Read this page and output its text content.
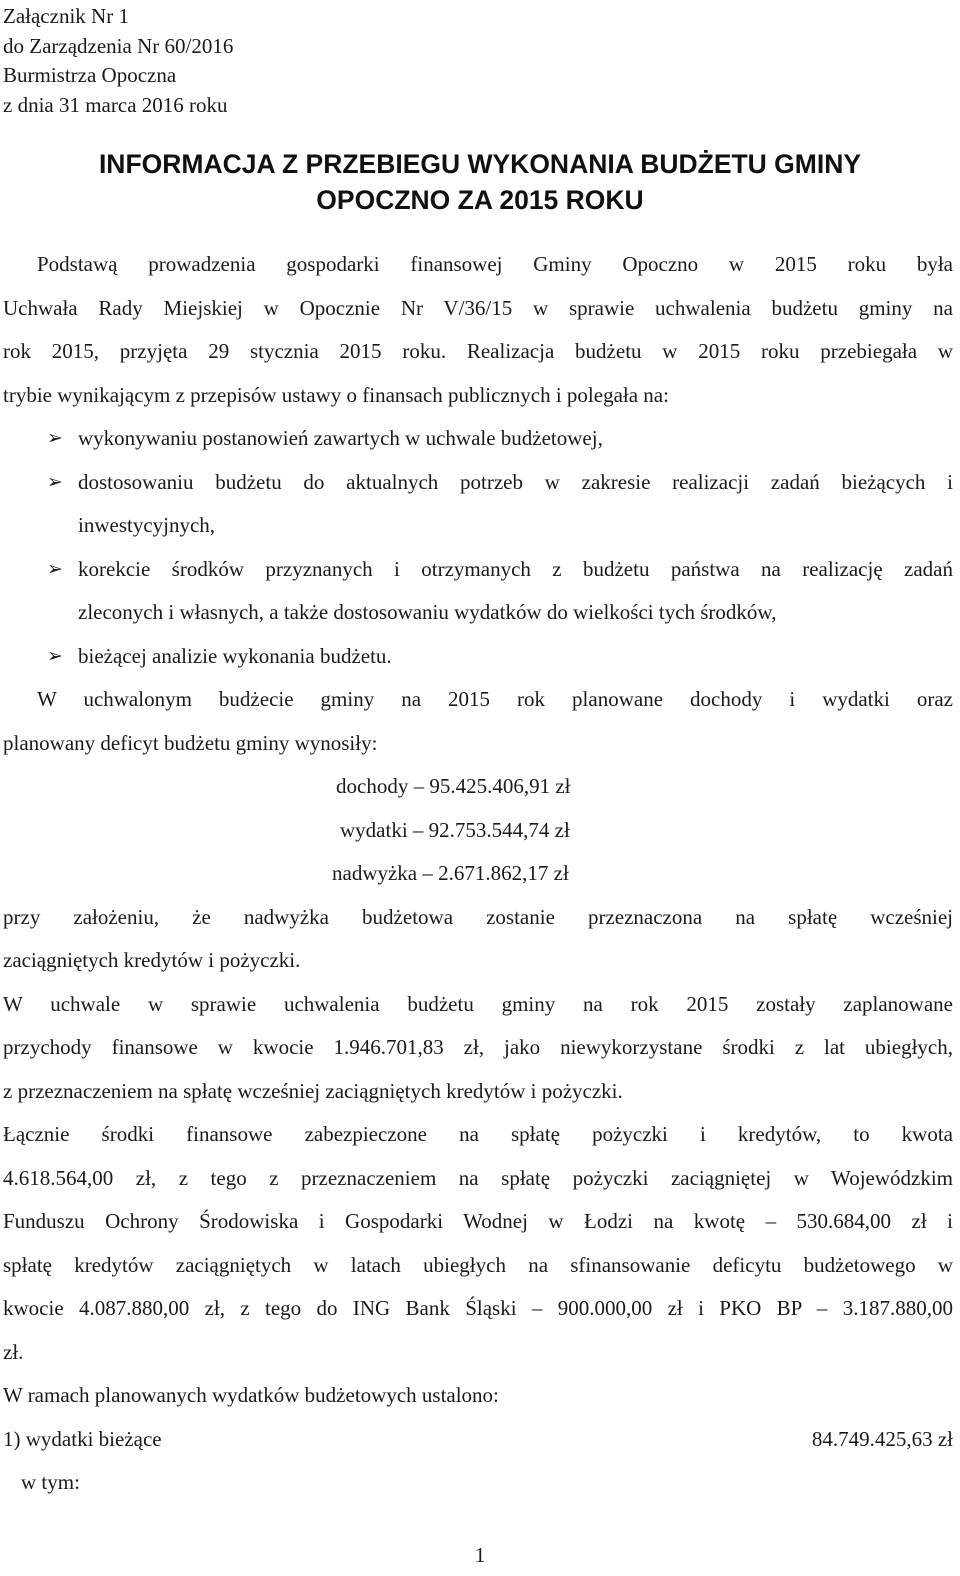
Załącznik Nr 1
do Zarządzenia Nr 60/2016
Burmistrza Opoczna
z dnia 31 marca 2016 roku
INFORMACJA Z PRZEBIEGU WYKONANIA BUDŻETU GMINY
OPOCZNO ZA 2015 ROKU
Podstawą prowadzenia gospodarki finansowej Gminy Opoczno w 2015 roku była
Uchwała Rady Miejskiej w Opocznie Nr V/36/15 w sprawie uchwalenia budżetu gminy na
rok 2015, przyjęta 29 stycznia 2015 roku. Realizacja budżetu w 2015 roku przebiegała w
trybie wynikającym z przepisów ustawy o finansach publicznych i polegała na:
➢ wykonywaniu postanowień zawartych w uchwale budżetowej,
➢ dostosowaniu budżetu do aktualnych potrzeb w zakresie realizacji zadań bieżących i
inwestycyjnych,
➢ korekcie środków przyznanych i otrzymanych z budżetu państwa na realizację zadań
zleconych i własnych, a także dostosowaniu wydatków do wielkości tych środków,
➢ bieżącej analizie wykonania budżetu.
W uchwalonym budżecie gminy na 2015 rok planowane dochody i wydatki oraz
planowany deficyt budżetu gminy wynosiły:
dochody – 95.425.406,91 zł
wydatki – 92.753.544,74 zł
nadwyżka – 2.671.862,17 zł
przy założeniu, że nadwyżka budżetowa zostanie przeznaczona na spłatę wcześniej
zaciągniętych kredytów i pożyczki.
W uchwale w sprawie uchwalenia budżetu gminy na rok 2015 zostały zaplanowane
przychody finansowe w kwocie 1.946.701,83 zł, jako niewykorzystane środki z lat ubiegłych,
z przeznaczeniem na spłatę wcześniej zaciągniętych kredytów i pożyczki.
Łącznie środki finansowe zabezpieczone na spłatę pożyczki i kredytów, to kwota
4.618.564,00 zł, z tego z przeznaczeniem na spłatę pożyczki zaciągniętej w Wojewódzkim
Funduszu Ochrony Środowiska i Gospodarki Wodnej w Łodzi na kwotę – 530.684,00 zł i
spłatę kredytów zaciągniętych w latach ubiegłych na sfinansowanie deficytu budżetowego w
kwocie 4.087.880,00 zł, z tego do ING Bank Śląski – 900.000,00 zł i PKO BP – 3.187.880,00
zł.
W ramach planowanych wydatków budżetowych ustalono:
1) wydatki bieżące	84.749.425,63 zł
w tym:
1
